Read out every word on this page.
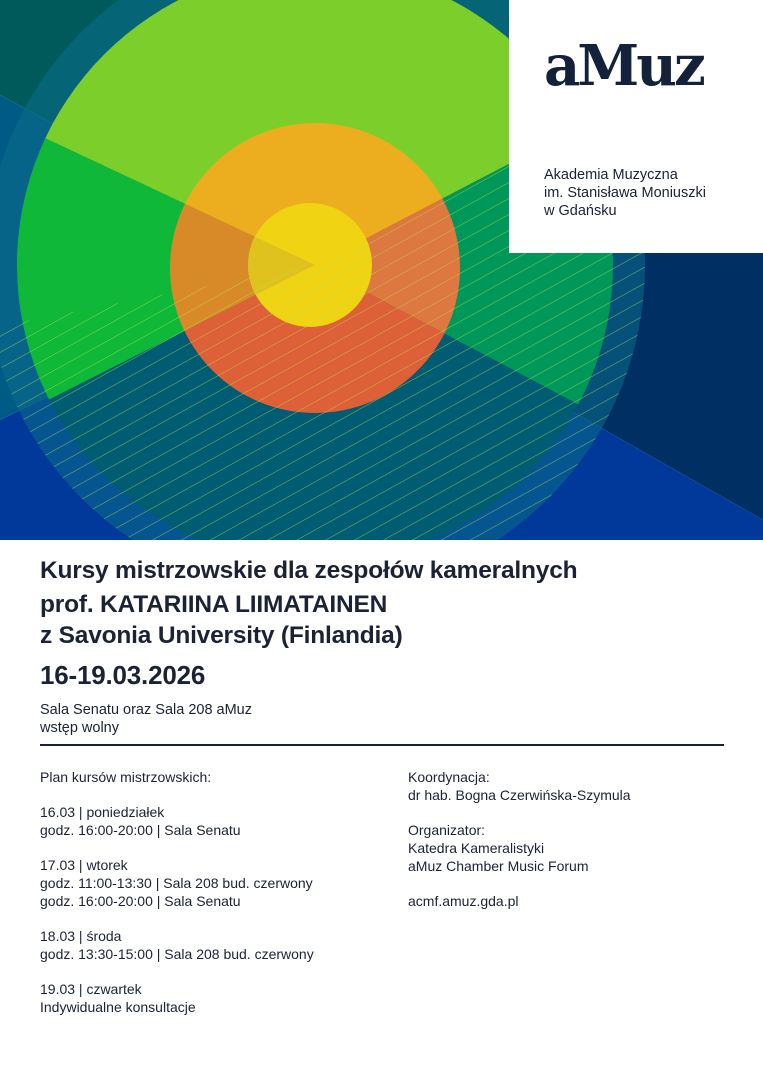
aMuz
Akademia Muzyczna
im. Stanisława Moniuszki
w Gdańsku
Kursy mistrzowskie dla zespołów kameralnych
prof. KATARIINA LIIMATAINEN
z Savonia University (Finlandia)
16-19.03.2026
Sala Senatu oraz Sala 208 aMuz
wstęp wolny
Plan kursów mistrzowskich:
16.03 | poniedziałek
godz. 16:00-20:00 | Sala Senatu
17.03 | wtorek
godz. 11:00-13:30 | Sala 208 bud. czerwony
godz. 16:00-20:00 | Sala Senatu
18.03 | środa
godz. 13:30-15:00 | Sala 208 bud. czerwony
19.03 | czwartek
Indywidualne konsultacje
Koordynacja:
dr hab. Bogna Czerwińska-Szymula
Organizator:
Katedra Kameralistyki
aMuz Chamber Music Forum
acmf.amuz.gda.pl
